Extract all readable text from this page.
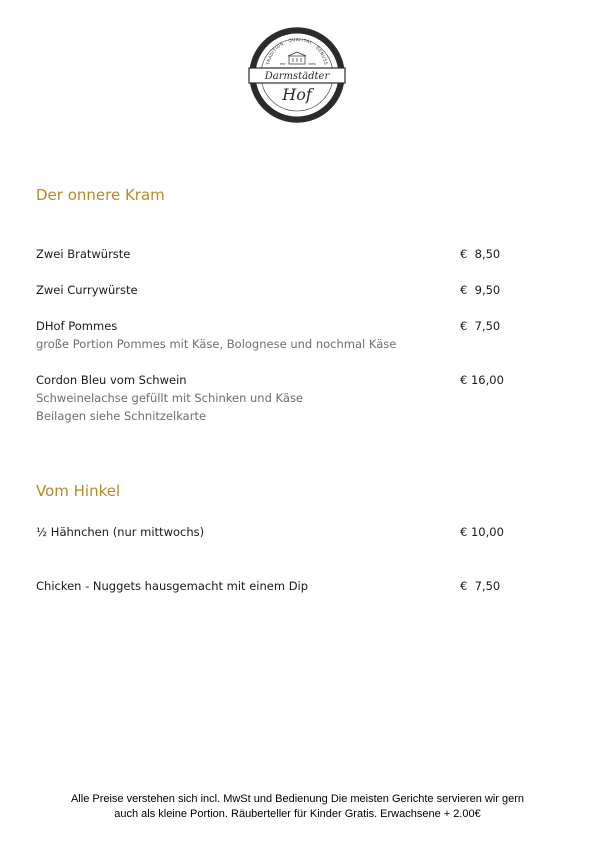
TRADITION · QUALITÄT · GENUSS
EST.	1856
Darmstädter
Hof
Der onnere Kram
Zwei Bratwürste	€  8,50
Zwei Currywürste	€  9,50
DHof Pommes	€  7,50
große Portion Pommes mit Käse, Bolognese und nochmal Käse
Cordon Bleu vom Schwein	€ 16,00
Schweinelachse gefüllt mit Schinken und Käse
Beilagen siehe Schnitzelkarte
Vom Hinkel
½ Hähnchen (nur mittwochs)	€ 10,00
Chicken - Nuggets hausgemacht mit einem Dip	€  7,50
Alle Preise verstehen sich incl. MwSt und Bedienung Die meisten Gerichte servieren wir gern
auch als kleine Portion. Räuberteller für Kinder Gratis. Erwachsene + 2.00€
